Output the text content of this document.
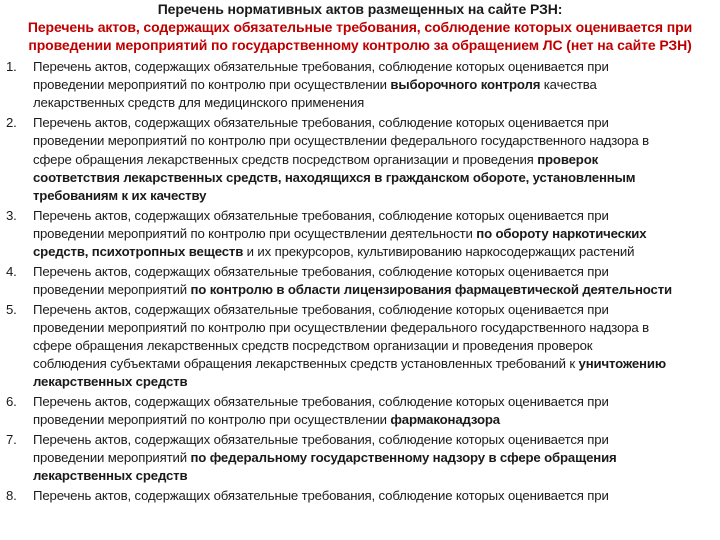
Перечень нормативных актов размещенных на сайте РЗН:
Перечень актов, содержащих обязательные требования, соблюдение которых оценивается при
проведении мероприятий по государственному контролю за обращением ЛС (нет на сайте РЗН)
1. Перечень актов, содержащих обязательные требования, соблюдение которых оценивается при
проведении мероприятий по контролю при осуществлении выборочного контроля качества
лекарственных средств для медицинского применения
2. Перечень актов, содержащих обязательные требования, соблюдение которых оценивается при
проведении мероприятий по контролю при осуществлении федерального государственного надзора в
сфере обращения лекарственных средств посредством организации и проведения проверок
соответствия лекарственных средств, находящихся в гражданском обороте, установленным
требованиям к их качеству
3. Перечень актов, содержащих обязательные требования, соблюдение которых оценивается при
проведении мероприятий по контролю при осуществлении деятельности по обороту наркотических
средств, психотропных веществ и их прекурсоров, культивированию наркосодержащих растений
4. Перечень актов, содержащих обязательные требования, соблюдение которых оценивается при
проведении мероприятий по контролю в области лицензирования фармацевтической деятельности
5. Перечень актов, содержащих обязательные требования, соблюдение которых оценивается при
проведении мероприятий по контролю при осуществлении федерального государственного надзора в
сфере обращения лекарственных средств посредством организации и проведения проверок
соблюдения субъектами обращения лекарственных средств установленных требований к уничтожению
лекарственных средств
6. Перечень актов, содержащих обязательные требования, соблюдение которых оценивается при
проведении мероприятий по контролю при осуществлении фармаконадзора
7. Перечень актов, содержащих обязательные требования, соблюдение которых оценивается при
проведении мероприятий по федеральному государственному надзору в сфере обращения
лекарственных средств
8. Перечень актов, содержащих обязательные требования, соблюдение которых оценивается при
